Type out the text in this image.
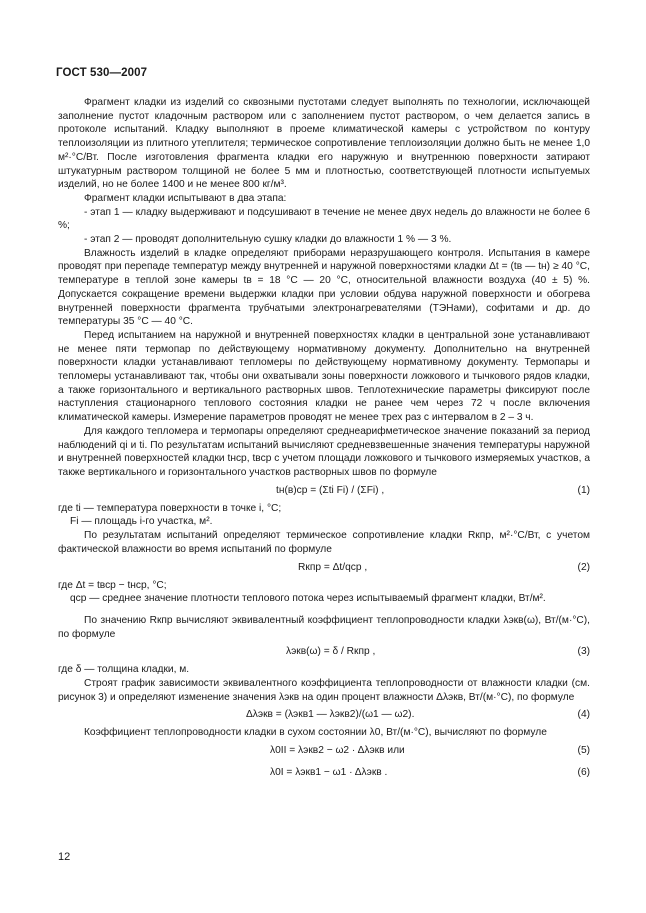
ГОСТ 530—2007

Фрагмент кладки из изделий со сквозными пустотами следует выполнять по технологии, исключающей заполнение пустот кладочным раствором или с заполнением пустот раствором, о чем делается запись в протоколе испытаний. Кладку выполняют в проеме климатической камеры с устройством по контуру теплоизоляции из плитного утеплителя; термическое сопротивление теплоизоляции должно быть не менее 1,0 м²·°С/Вт. После изготовления фрагмента кладки его наружную и внутреннюю поверхности затирают штукатурным раствором толщиной не более 5 мм и плотностью, соответствующей плотности испытуемых изделий, но не более 1400 и не менее 800 кг/м³.

Фрагмент кладки испытывают в два этапа:

- этап 1 — кладку выдерживают и подсушивают в течение не менее двух недель до влажности не более 6 %;

- этап 2 — проводят дополнительную сушку кладки до влажности 1 % — 3 %.

Влажность изделий в кладке определяют приборами неразрушающего контроля. Испытания в камере проводят при перепаде температур между внутренней и наружной поверхностями кладки Δt = (tв — tн) ≥ 40 °С, температуре в теплой зоне камеры tв = 18 °С — 20 °С, относительной влажности воздуха (40 ± 5) %. Допускается сокращение времени выдержки кладки при условии обдува наружной поверхности и обогрева внутренней поверхности фрагмента трубчатыми электронагревателями (ТЭНами), софитами и др. до температуры 35 °С — 40 °С.

Перед испытанием на наружной и внутренней поверхностях кладки в центральной зоне устанавливают не менее пяти термопар по действующему нормативному документу. Дополнительно на внутренней поверхности кладки устанавливают тепломеры по действующему нормативному документу. Термопары и тепломеры устанавливают так, чтобы они охватывали зоны поверхности ложкового и тычкового рядов кладки, а также горизонтального и вертикального растворных швов. Теплотехнические параметры фиксируют после наступления стационарного теплового состояния кладки не ранее чем через 72 ч после включения климатической камеры. Измерение параметров проводят не менее трех раз с интервалом в 2 – 3 ч.

Для каждого тепломера и термопары определяют среднеарифметическое значение показаний за период наблюдений qi и ti. По результатам испытаний вычисляют средневзвешенные значения температуры наружной и внутренней поверхностей кладки tнср, tвср с учетом площади ложкового и тычкового измеряемых участков, а также вертикального и горизонтального участков растворных швов по формуле

tн(в)ср = (Σti Fi) / (ΣFi) ,	(1)

где ti — температура поверхности в точке i, °С;

Fi — площадь i-го участка, м².

По результатам испытаний определяют термическое сопротивление кладки Rкпр, м²·°С/Вт, с учетом фактической влажности во время испытаний по формуле

Rкпр = Δt/qср ,	(2)

где Δt = tвср − tнср, °С;

qср — среднее значение плотности теплового потока через испытываемый фрагмент кладки, Вт/м².

По значению Rкпр вычисляют эквивалентный коэффициент теплопроводности кладки λэкв(ω), Вт/(м·°С), по формуле

λэкв(ω) = δ / Rкпр ,	(3)

где δ — толщина кладки, м.

Строят график зависимости эквивалентного коэффициента теплопроводности от влажности кладки (см. рисунок 3) и определяют изменение значения λэкв на один процент влажности Δλэкв, Вт/(м·°С), по формуле

Δλэкв = (λэкв1 — λэкв2)/(ω1 — ω2).	(4)

Коэффициент теплопроводности кладки в сухом состоянии λ0, Вт/(м·°С), вычисляют по формуле

λ0II = λэкв2 − ω2 · Δλэкв или	(5)
λ0I = λэкв1 − ω1 · Δλэкв .	(6)
12
